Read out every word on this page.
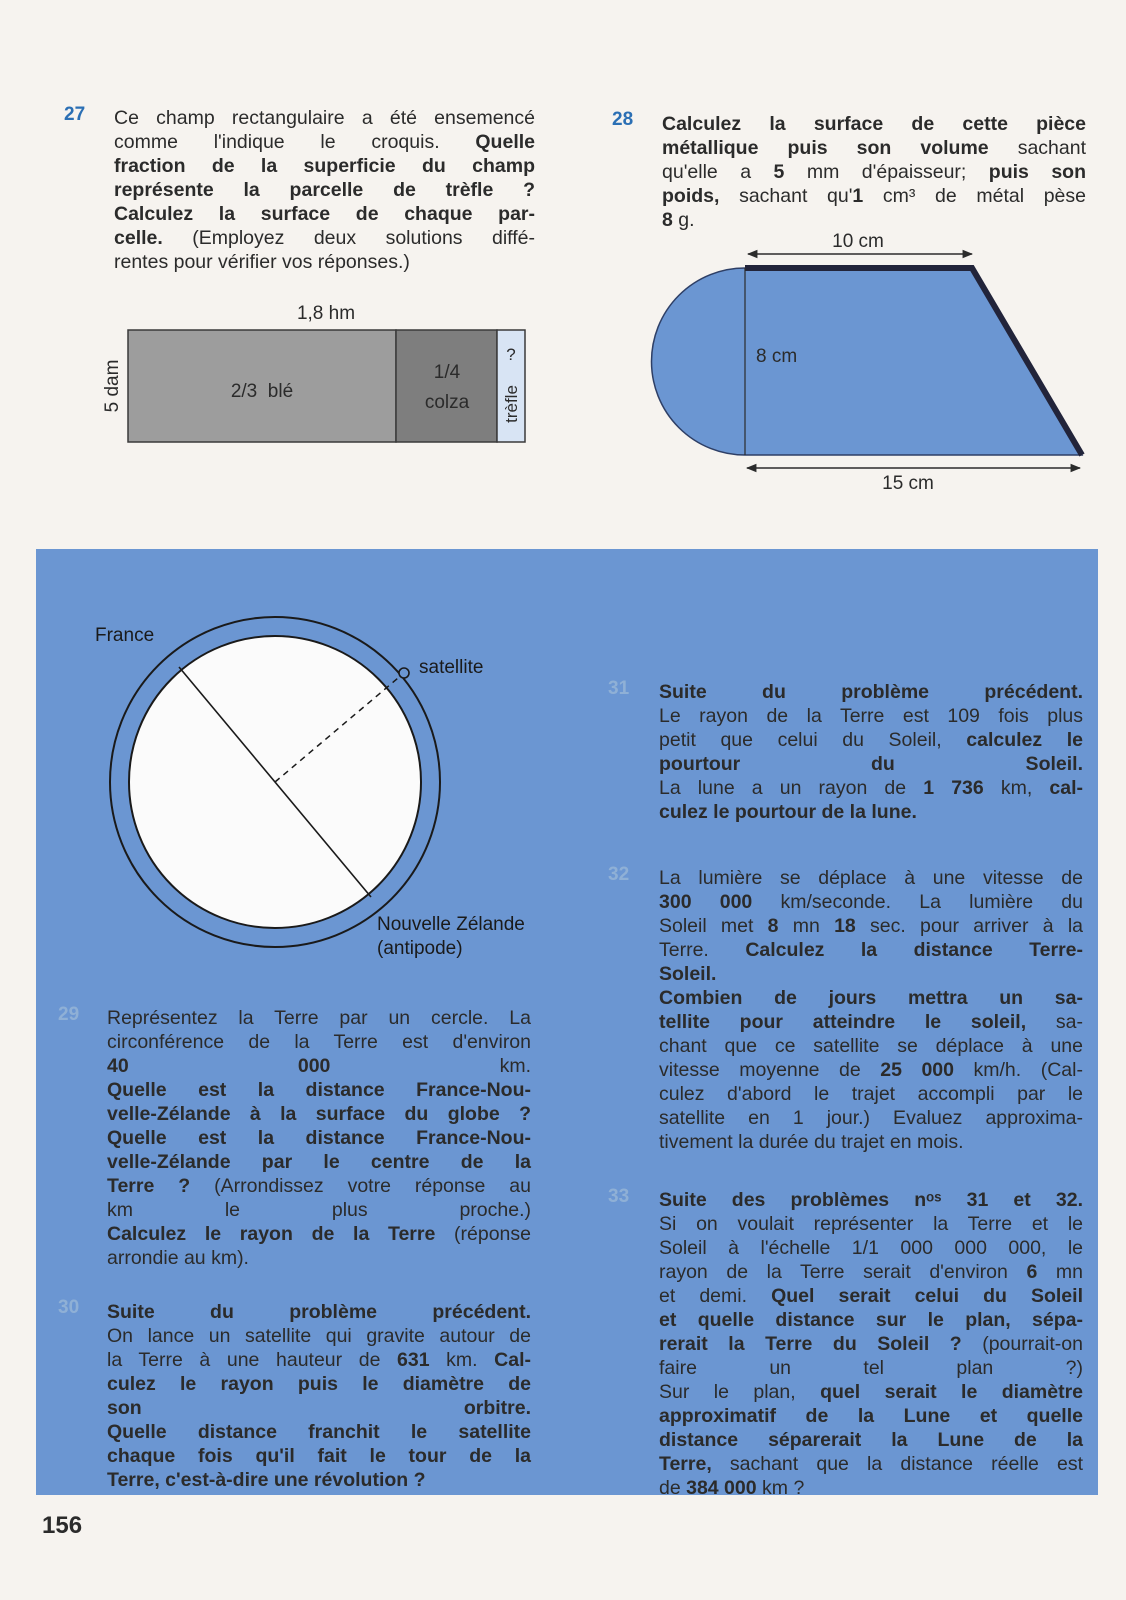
27 Ce champ rectangulaire a été ensemencé
comme l'indique le croquis. Quelle
fraction de la superficie du champ
représente la parcelle de trèfle ?
Calculez la surface de chaque par-
celle. (Employez deux solutions diffé-
rentes pour vérifier vos réponses.)
1,8 hm
5 dam	2/3  blé
1/4
colza
?
trèfle
28 Calculez la surface de cette pièce
métallique puis son volume sachant
qu'elle a 5 mm d'épaisseur; puis son
poids, sachant qu'1 cm³ de métal pèse
8 g.
10 cm
8 cm
15 cm
France
satellite
Nouvelle Zélande
(antipode)
29 Représentez la Terre par un cercle. La
circonférence de la Terre est d'environ
40 000 km.
Quelle est la distance France-Nou-
velle-Zélande à la surface du globe ?
Quelle est la distance France-Nou-
velle-Zélande par le centre de la
Terre ? (Arrondissez votre réponse au
km le plus proche.)
Calculez le rayon de la Terre (réponse
arrondie au km).
30 Suite du problème précédent.
On lance un satellite qui gravite autour de
la Terre à une hauteur de 631 km. Cal-
culez le rayon puis le diamètre de
son orbitre.
Quelle distance franchit le satellite
chaque fois qu'il fait le tour de la
Terre, c'est-à-dire une révolution ?
31 Suite du problème précédent.
Le rayon de la Terre est 109 fois plus
petit que celui du Soleil, calculez le
pourtour du Soleil.
La lune a un rayon de 1 736 km, cal-
culez le pourtour de la lune.
32 La lumière se déplace à une vitesse de
300 000 km/seconde. La lumière du
Soleil met 8 mn 18 sec. pour arriver à la
Terre. Calculez la distance Terre-
Soleil.
Combien de jours mettra un sa-
tellite pour atteindre le soleil, sa-
chant que ce satellite se déplace à une
vitesse moyenne de 25 000 km/h. (Cal-
culez d'abord le trajet accompli par le
satellite en 1 jour.) Evaluez approxima-
tivement la durée du trajet en mois.
33 Suite des problèmes nᵒˢ 31 et 32.
Si on voulait représenter la Terre et le
Soleil à l'échelle 1/1 000 000 000, le
rayon de la Terre serait d'environ 6 mn
et demi. Quel serait celui du Soleil
et quelle distance sur le plan, sépa-
rerait la Terre du Soleil ? (pourrait-on
faire un tel plan ?)
Sur le plan, quel serait le diamètre
approximatif de la Lune et quelle
distance séparerait la Lune de la
Terre, sachant que la distance réelle est
de 384 000 km ?
156
